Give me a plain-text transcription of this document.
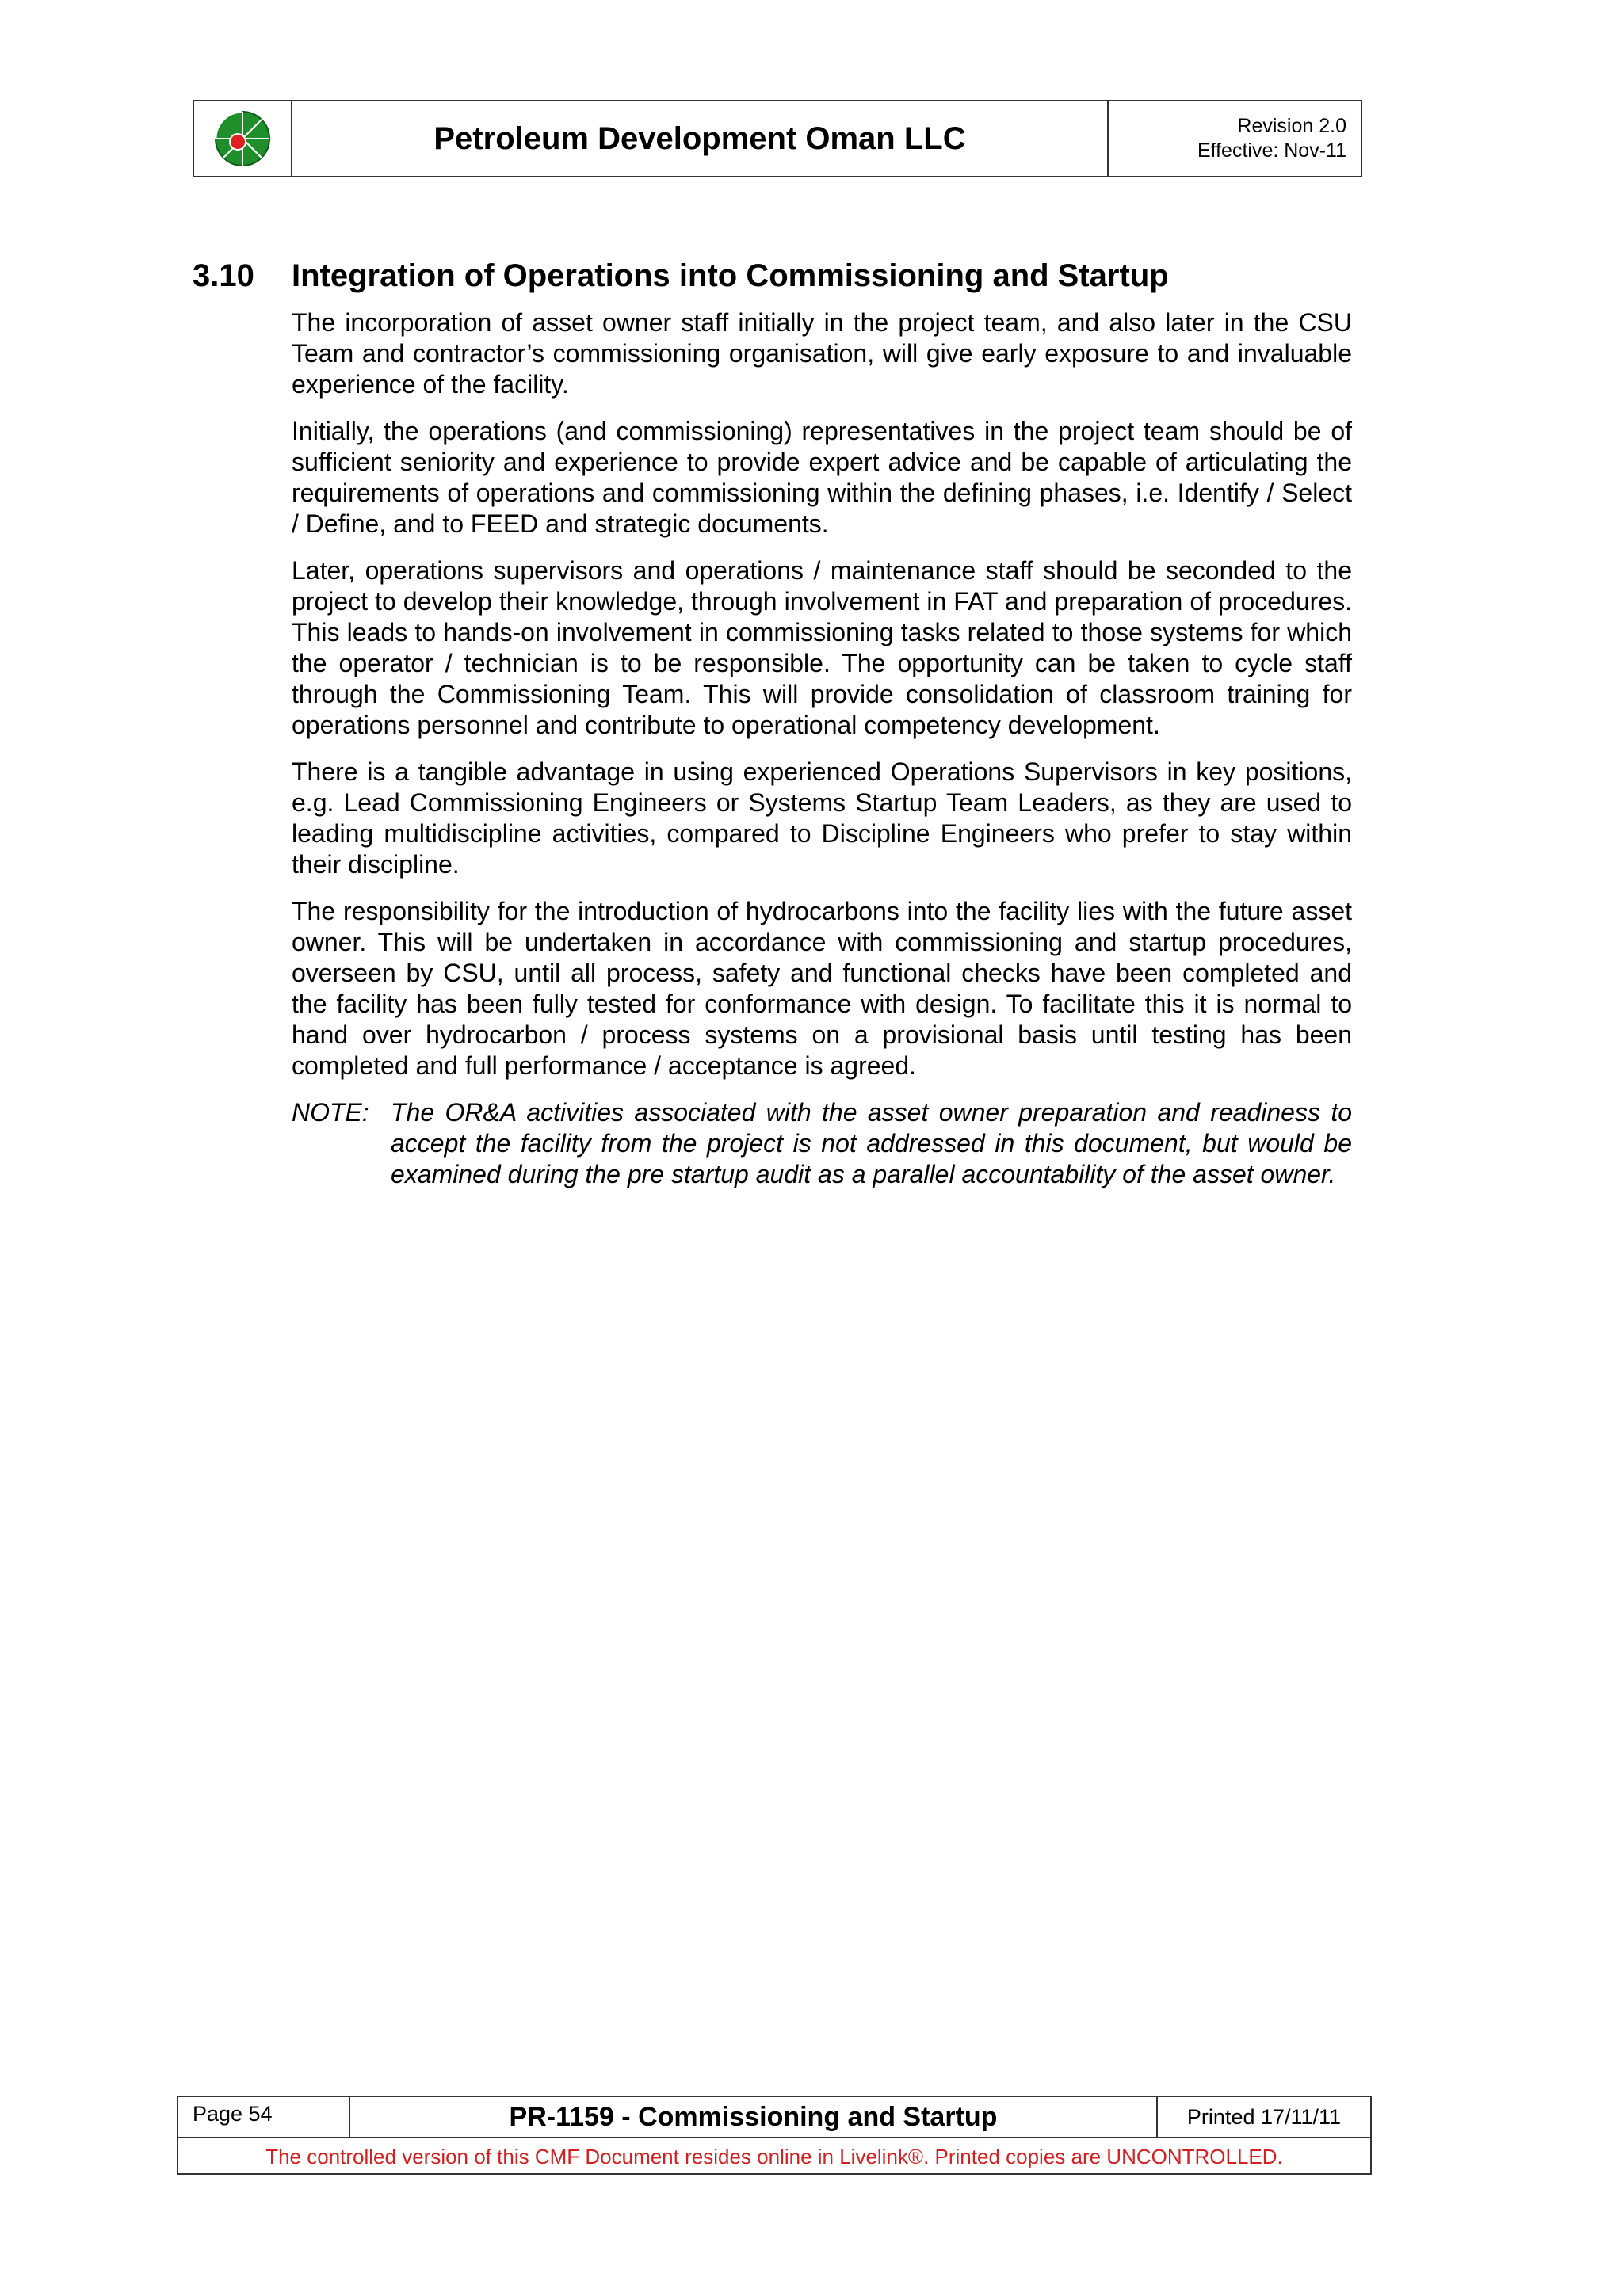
Petroleum Development Oman LLC	Revision 2.0
Effective: Nov-11
3.10	Integration of Operations into Commissioning and Startup

The incorporation of asset owner staff initially in the project team, and also later in the CSU Team and contractor’s commissioning organisation, will give early exposure to and invaluable experience of the facility.

Initially, the operations (and commissioning) representatives in the project team should be of sufficient seniority and experience to provide expert advice and be capable of articulating the requirements of operations and commissioning within the defining phases, i.e. Identify / Select / Define, and to FEED and strategic documents.

Later, operations supervisors and operations / maintenance staff should be seconded to the project to develop their knowledge, through involvement in FAT and preparation of procedures. This leads to hands-on involvement in commissioning tasks related to those systems for which the operator / technician is to be responsible. The opportunity can be taken to cycle staff through the Commissioning Team. This will provide consolidation of classroom training for operations personnel and contribute to operational competency development.

There is a tangible advantage in using experienced Operations Supervisors in key positions, e.g. Lead Commissioning Engineers or Systems Startup Team Leaders, as they are used to leading multidiscipline activities, compared to Discipline Engineers who prefer to stay within their discipline.

The responsibility for the introduction of hydrocarbons into the facility lies with the future asset owner. This will be undertaken in accordance with commissioning and startup procedures, overseen by CSU, until all process, safety and functional checks have been completed and the facility has been fully tested for conformance with design. To facilitate this it is normal to hand over hydrocarbon / process systems on a provisional basis until testing has been completed and full performance / acceptance is agreed.

NOTE: The OR&A activities associated with the asset owner preparation and readiness to accept the facility from the project is not addressed in this document, but would be examined during the pre startup audit as a parallel accountability of the asset owner.
Page 54	PR-1159 - Commissioning and Startup	Printed 17/11/11
The controlled version of this CMF Document resides online in Livelink®. Printed copies are UNCONTROLLED.
